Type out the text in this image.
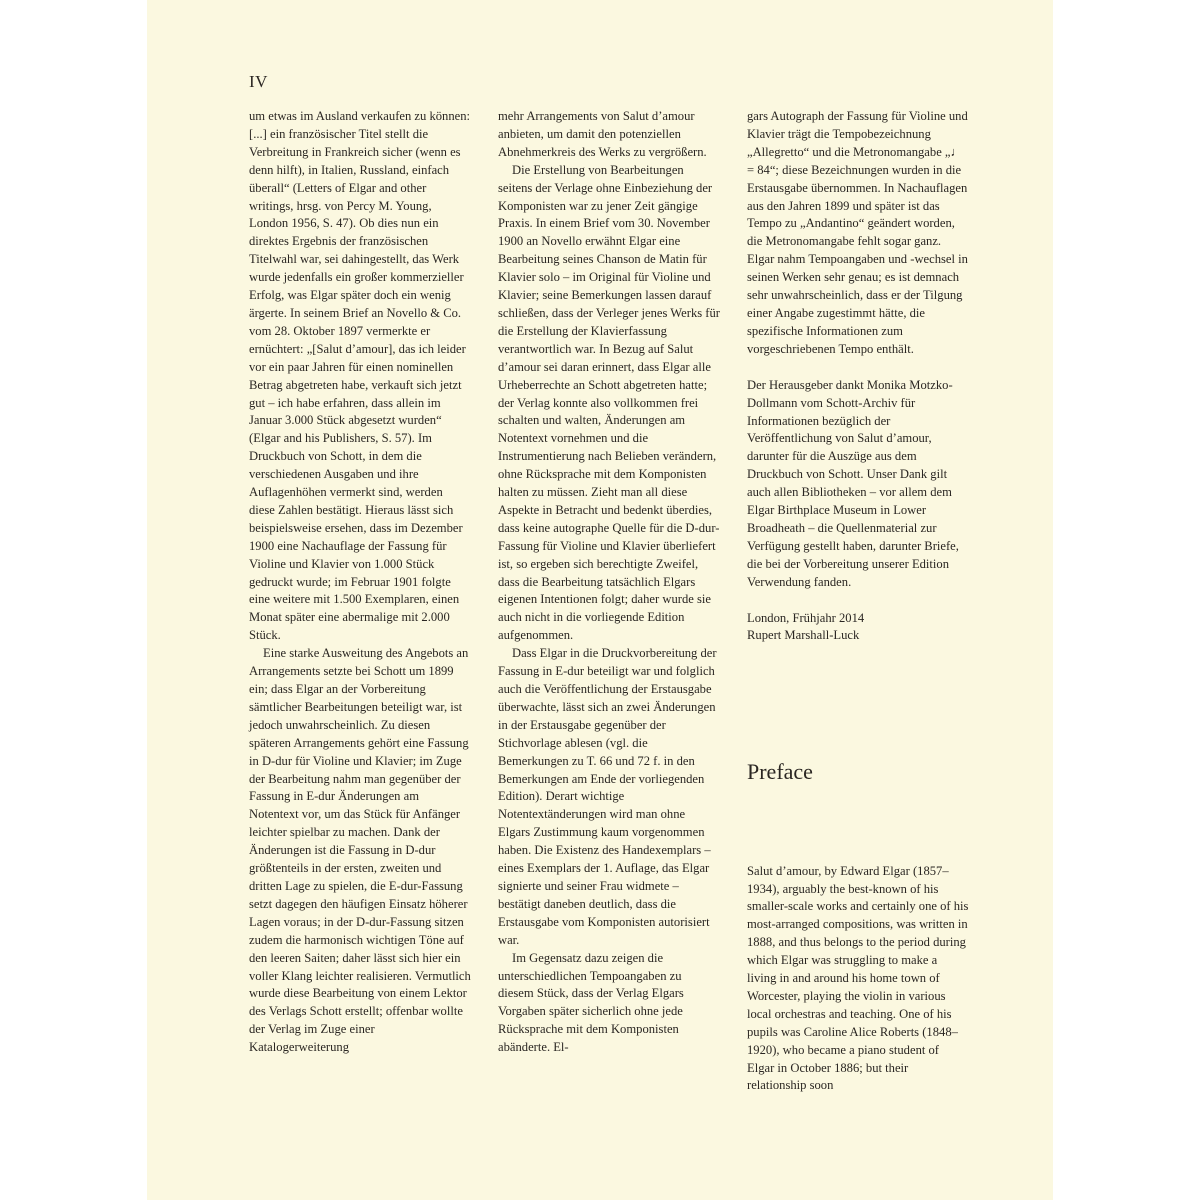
IV

um etwas im Ausland verkaufen zu können: [...] ein französischer Titel stellt die Verbreitung in Frankreich sicher (wenn es denn hilft), in Italien, Russland, einfach überall“ (Letters of Elgar and other writings, hrsg. von Percy M. Young, London 1956, S. 47). Ob dies nun ein direktes Ergebnis der französischen Titelwahl war, sei dahingestellt, das Werk wurde jedenfalls ein großer kommerzieller Erfolg, was Elgar später doch ein wenig ärgerte. In seinem Brief an Novello & Co. vom 28. Oktober 1897 vermerkte er ernüchtert: „[Salut d’amour], das ich leider vor ein paar Jahren für einen nominellen Betrag abgetreten habe, verkauft sich jetzt gut – ich habe erfahren, dass allein im Januar 3.000 Stück abgesetzt wurden“ (Elgar and his Publishers, S. 57). Im Druckbuch von Schott, in dem die verschiedenen Ausgaben und ihre Auflagenhöhen vermerkt sind, werden diese Zahlen bestätigt. Hieraus lässt sich beispielsweise ersehen, dass im Dezember 1900 eine Nachauflage der Fassung für Violine und Klavier von 1.000 Stück gedruckt wurde; im Februar 1901 folgte eine weitere mit 1.500 Exemplaren, einen Monat später eine abermalige mit 2.000 Stück.

Eine starke Ausweitung des Angebots an Arrangements setzte bei Schott um 1899 ein; dass Elgar an der Vorbereitung sämtlicher Bearbeitungen beteiligt war, ist jedoch unwahrscheinlich. Zu diesen späteren Arrangements gehört eine Fassung in D-dur für Violine und Klavier; im Zuge der Bearbeitung nahm man gegenüber der Fassung in E-dur Änderungen am Notentext vor, um das Stück für Anfänger leichter spielbar zu machen. Dank der Änderungen ist die Fassung in D-dur größtenteils in der ersten, zweiten und dritten Lage zu spielen, die E-dur-Fassung setzt dagegen den häufigen Einsatz höherer Lagen voraus; in der D-dur-Fassung sitzen zudem die harmonisch wichtigen Töne auf den leeren Saiten; daher lässt sich hier ein voller Klang leichter realisieren. Vermutlich wurde diese Bearbeitung von einem Lektor des Verlags Schott erstellt; offenbar wollte der Verlag im Zuge einer Katalogerweiterung

mehr Arrangements von Salut d’amour anbieten, um damit den potenziellen Abnehmerkreis des Werks zu vergrößern.

Die Erstellung von Bearbeitungen seitens der Verlage ohne Einbeziehung der Komponisten war zu jener Zeit gängige Praxis. In einem Brief vom 30. November 1900 an Novello erwähnt Elgar eine Bearbeitung seines Chanson de Matin für Klavier solo – im Original für Violine und Klavier; seine Bemerkungen lassen darauf schließen, dass der Verleger jenes Werks für die Erstellung der Klavierfassung verantwortlich war. In Bezug auf Salut d’amour sei daran erinnert, dass Elgar alle Urheberrechte an Schott abgetreten hatte; der Verlag konnte also vollkommen frei schalten und walten, Änderungen am Notentext vornehmen und die Instrumentierung nach Belieben verändern, ohne Rücksprache mit dem Komponisten halten zu müssen. Zieht man all diese Aspekte in Betracht und bedenkt überdies, dass keine autographe Quelle für die D-dur-Fassung für Violine und Klavier überliefert ist, so ergeben sich berechtigte Zweifel, dass die Bearbeitung tatsächlich Elgars eigenen Intentionen folgt; daher wurde sie auch nicht in die vorliegende Edition aufgenommen.

Dass Elgar in die Druckvorbereitung der Fassung in E-dur beteiligt war und folglich auch die Veröffentlichung der Erstausgabe überwachte, lässt sich an zwei Änderungen in der Erstausgabe gegenüber der Stichvorlage ablesen (vgl. die Bemerkungen zu T. 66 und 72 f. in den Bemerkungen am Ende der vorliegenden Edition). Derart wichtige Notentextänderungen wird man ohne Elgars Zustimmung kaum vorgenommen haben. Die Existenz des Handexemplars – eines Exemplars der 1. Auflage, das Elgar signierte und seiner Frau widmete – bestätigt daneben deutlich, dass die Erstausgabe vom Komponisten autorisiert war.

Im Gegensatz dazu zeigen die unterschiedlichen Tempoangaben zu diesem Stück, dass der Verlag Elgars Vorgaben später sicherlich ohne jede Rücksprache mit dem Komponisten abänderte. El-

gars Autograph der Fassung für Violine und Klavier trägt die Tempobezeichnung „Allegretto“ und die Metronomangabe „♩ = 84“; diese Bezeichnungen wurden in die Erstausgabe übernommen. In Nachauflagen aus den Jahren 1899 und später ist das Tempo zu „Andantino“ geändert worden, die Metronomangabe fehlt sogar ganz. Elgar nahm Tempoangaben und -wechsel in seinen Werken sehr genau; es ist demnach sehr unwahrscheinlich, dass er der Tilgung einer Angabe zugestimmt hätte, die spezifische Informationen zum vorgeschriebenen Tempo enthält.

Der Herausgeber dankt Monika Motzko-Dollmann vom Schott-Archiv für Informationen bezüglich der Veröffentlichung von Salut d’amour, darunter für die Auszüge aus dem Druckbuch von Schott. Unser Dank gilt auch allen Bibliotheken – vor allem dem Elgar Birthplace Museum in Lower Broadheath – die Quellenmaterial zur Verfügung gestellt haben, darunter Briefe, die bei der Vorbereitung unserer Edition Verwendung fanden.

London, Frühjahr 2014

Rupert Marshall-Luck

Preface

Salut d’amour, by Edward Elgar (1857– 1934), arguably the best-known of his smaller-scale works and certainly one of his most-arranged compositions, was written in 1888, and thus belongs to the period during which Elgar was struggling to make a living in and around his home town of Worcester, playing the violin in various local orchestras and teaching. One of his pupils was Caroline Alice Roberts (1848– 1920), who became a piano student of Elgar in October 1886; but their relationship soon
